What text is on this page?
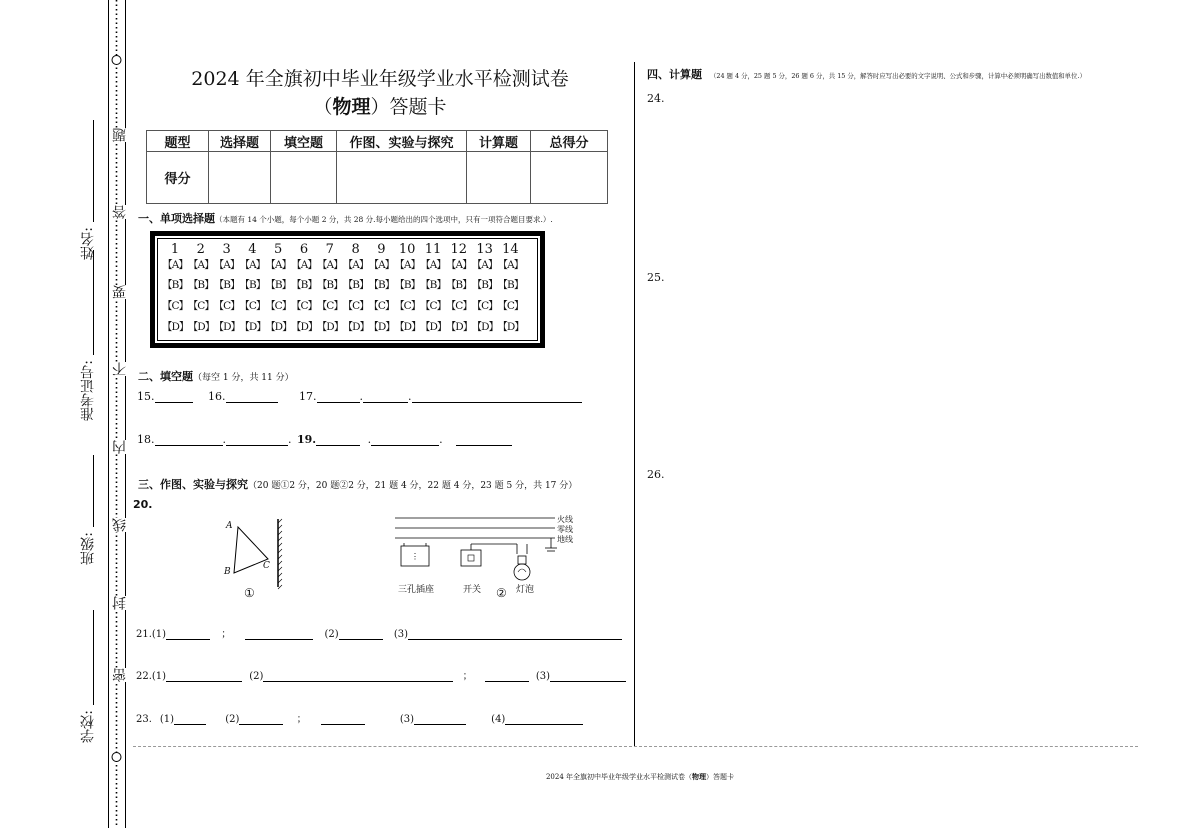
题
答
要
不
内
线
封
密
学校:
班级:
准考证号:
姓名:
2024 年全旗初中毕业年级学业水平检测试卷
（物理）答题卡
题型	选择题	填空题	作图、实验与探究	计算题	总得分
得分					
一、单项选择题（本题有 14 个小题，每个小题 2 分，共 28 分.每小题给出的四个选项中，只有一项符合题目要求.）.
1	2	3	4	5	6	7	8	9	10 11 12 13 14
【A】 【A】 【A】 【A】 【A】 【A】 【A】 【A】 【A】 【A】 【A】 【A】 【A】 【A】
【B】 【B】 【B】 【B】 【B】 【B】 【B】 【B】 【B】 【B】 【B】 【B】 【B】 【B】
【C】 【C】 【C】 【C】 【C】 【C】 【C】 【C】 【C】 【C】 【C】 【C】 【C】 【C】
【D】 【D】 【D】 【D】 【D】 【D】 【D】 【D】 【D】 【D】 【D】 【D】 【D】 【D】
二、填空题（每空 1 分，共 11 分）
15.	16.	17.	.	.
18.	.	. 19.	.	.
三、作图、实验与探究（20 题①2 分，20 题②2 分，21 题 4 分，22 题 4 分，23 题 5 分，共 17 分）
20.
A
B
C
①
⋮
火线
零线
地线
三孔插座	开关	灯泡
②
21.(1)	；	(2)	(3)
22.(1)	(2)	；	(3)
23. (1)	(2)	；	(3)	(4)
四、计算题 （24 题 4 分，25 题 5 分，26 题 6 分，共 15 分，解答时应写出必要的文字说明、公式和步骤，计算中必须明确写出数值和单位.）
24.
25.
26.
2024 年全旗初中毕业年级学业水平检测试卷（物理）答题卡
